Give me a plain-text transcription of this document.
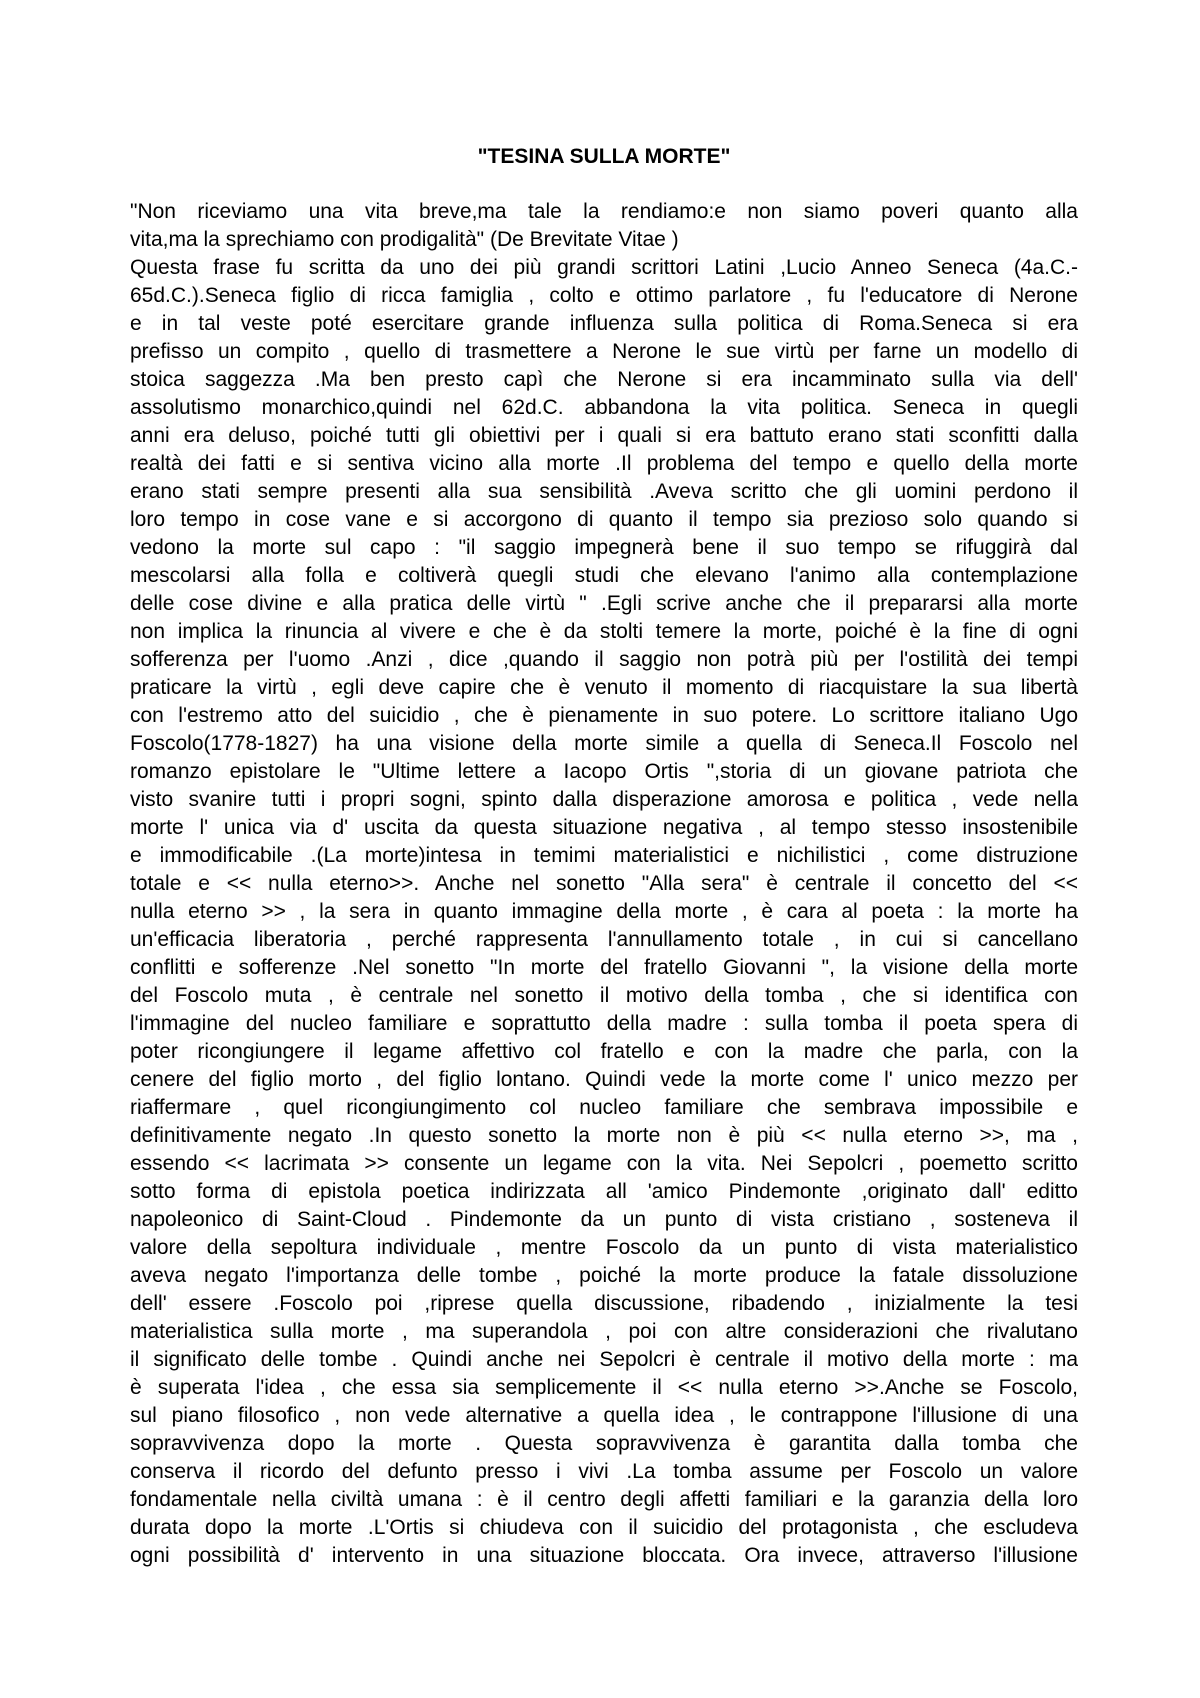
"TESINA SULLA MORTE"
"Non riceviamo una vita breve,ma tale la rendiamo:e non siamo poveri quanto alla
vita,ma la sprechiamo con prodigalità" (De Brevitate Vitae )
Questa frase fu scritta da uno dei più grandi scrittori Latini ,Lucio Anneo Seneca (4a.C.-
65d.C.).Seneca figlio di ricca famiglia , colto e ottimo parlatore , fu l'educatore di Nerone
e in tal veste poté esercitare grande influenza sulla politica di Roma.Seneca si era
prefisso un compito , quello di trasmettere a Nerone le sue virtù per farne un modello di
stoica saggezza .Ma ben presto capì che Nerone si era incamminato sulla via dell'
assolutismo monarchico,quindi nel 62d.C. abbandona la vita politica. Seneca in quegli
anni era deluso, poiché tutti gli obiettivi per i quali si era battuto erano stati sconfitti dalla
realtà dei fatti e si sentiva vicino alla morte .Il problema del tempo e quello della morte
erano stati sempre presenti alla sua sensibilità .Aveva scritto che gli uomini perdono il
loro tempo in cose vane e si accorgono di quanto il tempo sia prezioso solo quando si
vedono la morte sul capo : "il saggio impegnerà bene il suo tempo se rifuggirà dal
mescolarsi alla folla e coltiverà quegli studi che elevano l'animo alla contemplazione
delle cose divine e alla pratica delle virtù " .Egli scrive anche che il prepararsi alla morte
non implica la rinuncia al vivere e che è da stolti temere la morte, poiché è la fine di ogni
sofferenza per l'uomo .Anzi , dice ,quando il saggio non potrà più per l'ostilità dei tempi
praticare la virtù , egli deve capire che è venuto il momento di riacquistare la sua libertà
con l'estremo atto del suicidio , che è pienamente in suo potere. Lo scrittore italiano Ugo
Foscolo(1778-1827) ha una visione della morte simile a quella di Seneca.Il Foscolo nel
romanzo epistolare le "Ultime lettere a Iacopo Ortis ",storia di un giovane patriota che
visto svanire tutti i propri sogni, spinto dalla disperazione amorosa e politica , vede nella
morte l' unica via d' uscita da questa situazione negativa , al tempo stesso insostenibile
e immodificabile .(La morte)intesa in temimi materialistici e nichilistici , come distruzione
totale e << nulla eterno>>. Anche nel sonetto "Alla sera" è centrale il concetto del <<
nulla eterno >> , la sera in quanto immagine della morte , è cara al poeta : la morte ha
un'efficacia liberatoria , perché rappresenta l'annullamento totale , in cui si cancellano
conflitti e sofferenze .Nel sonetto "In morte del fratello Giovanni ", la visione della morte
del Foscolo muta , è centrale nel sonetto il motivo della tomba , che si identifica con
l'immagine del nucleo familiare e soprattutto della madre : sulla tomba il poeta spera di
poter ricongiungere il legame affettivo col fratello e con la madre che parla, con la
cenere del figlio morto , del figlio lontano. Quindi vede la morte come l' unico mezzo per
riaffermare , quel ricongiungimento col nucleo familiare che sembrava impossibile e
definitivamente negato .In questo sonetto la morte non è più << nulla eterno >>, ma ,
essendo << lacrimata >> consente un legame con la vita. Nei Sepolcri , poemetto scritto
sotto forma di epistola poetica indirizzata all 'amico Pindemonte ,originato dall' editto
napoleonico di Saint-Cloud . Pindemonte da un punto di vista cristiano , sosteneva il
valore della sepoltura individuale , mentre Foscolo da un punto di vista materialistico
aveva negato l'importanza delle tombe , poiché la morte produce la fatale dissoluzione
dell' essere .Foscolo poi ,riprese quella discussione, ribadendo , inizialmente la tesi
materialistica sulla morte , ma superandola , poi con altre considerazioni che rivalutano
il significato delle tombe . Quindi anche nei Sepolcri è centrale il motivo della morte : ma
è superata l'idea , che essa sia semplicemente il << nulla eterno >>.Anche se Foscolo,
sul piano filosofico , non vede alternative a quella idea , le contrappone l'illusione di una
sopravvivenza dopo la morte . Questa sopravvivenza è garantita dalla tomba che
conserva il ricordo del defunto presso i vivi .La tomba assume per Foscolo un valore
fondamentale nella civiltà umana : è il centro degli affetti familiari e la garanzia della loro
durata dopo la morte .L'Ortis si chiudeva con il suicidio del protagonista , che escludeva
ogni possibilità d' intervento in una situazione bloccata. Ora invece, attraverso l'illusione
